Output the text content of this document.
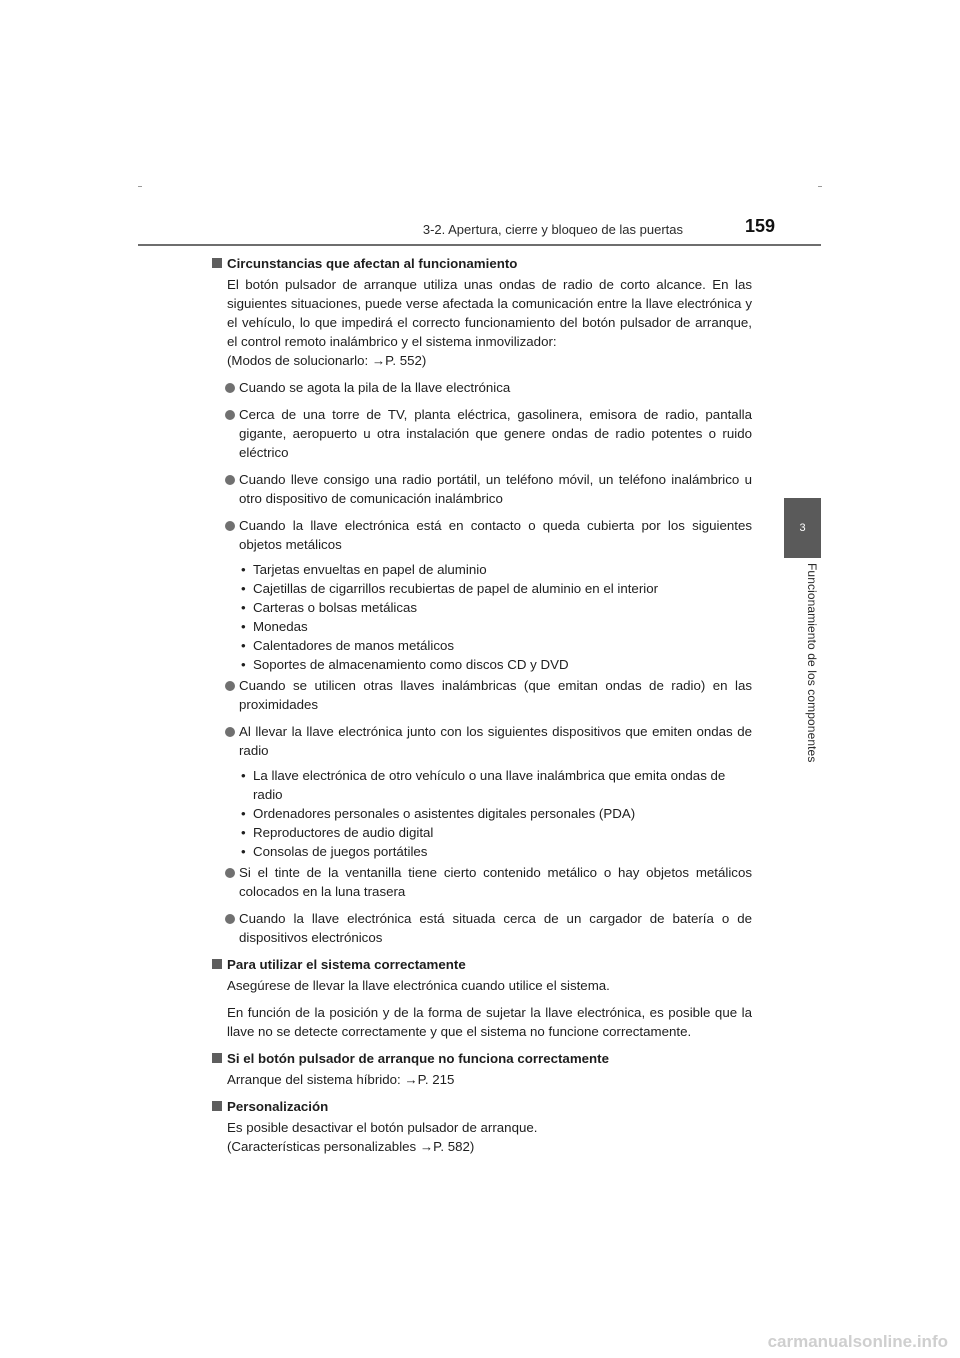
3-2. Apertura, cierre y bloqueo de las puertas	159
3
Funcionamiento de los componentes
Circunstancias que afectan al funcionamiento

El botón pulsador de arranque utiliza unas ondas de radio de corto alcance. En las siguientes situaciones, puede verse afectada la comunicación entre la llave electrónica y el vehículo, lo que impedirá el correcto funcionamiento del botón pulsador de arranque, el control remoto inalámbrico y el sistema inmovilizador:

(Modos de solucionarlo: →P. 552)

Cuando se agota la pila de la llave electrónica
Cerca de una torre de TV, planta eléctrica, gasolinera, emisora de radio, pantalla gigante, aeropuerto u otra instalación que genere ondas de radio potentes o ruido eléctrico
Cuando lleve consigo una radio portátil, un teléfono móvil, un teléfono inalámbrico u otro dispositivo de comunicación inalámbrico
Cuando la llave electrónica está en contacto o queda cubierta por los siguientes objetos metálicos
• Tarjetas envueltas en papel de aluminio
• Cajetillas de cigarrillos recubiertas de papel de aluminio en el interior
• Carteras o bolsas metálicas
• Monedas
• Calentadores de manos metálicos
• Soportes de almacenamiento como discos CD y DVD
Cuando se utilicen otras llaves inalámbricas (que emitan ondas de radio) en las proximidades
Al llevar la llave electrónica junto con los siguientes dispositivos que emiten ondas de radio
• La llave electrónica de otro vehículo o una llave inalámbrica que emita ondas de radio
• Ordenadores personales o asistentes digitales personales (PDA)
• Reproductores de audio digital
• Consolas de juegos portátiles
Si el tinte de la ventanilla tiene cierto contenido metálico o hay objetos metálicos colocados en la luna trasera
Cuando la llave electrónica está situada cerca de un cargador de batería o de dispositivos electrónicos
Para utilizar el sistema correctamente

Asegúrese de llevar la llave electrónica cuando utilice el sistema.

En función de la posición y de la forma de sujetar la llave electrónica, es posible que la llave no se detecte correctamente y que el sistema no funcione correctamente.

Si el botón pulsador de arranque no funciona correctamente

Arranque del sistema híbrido: →P. 215

Personalización

Es posible desactivar el botón pulsador de arranque.
(Características personalizables →P. 582)

carmanualsonline.info
